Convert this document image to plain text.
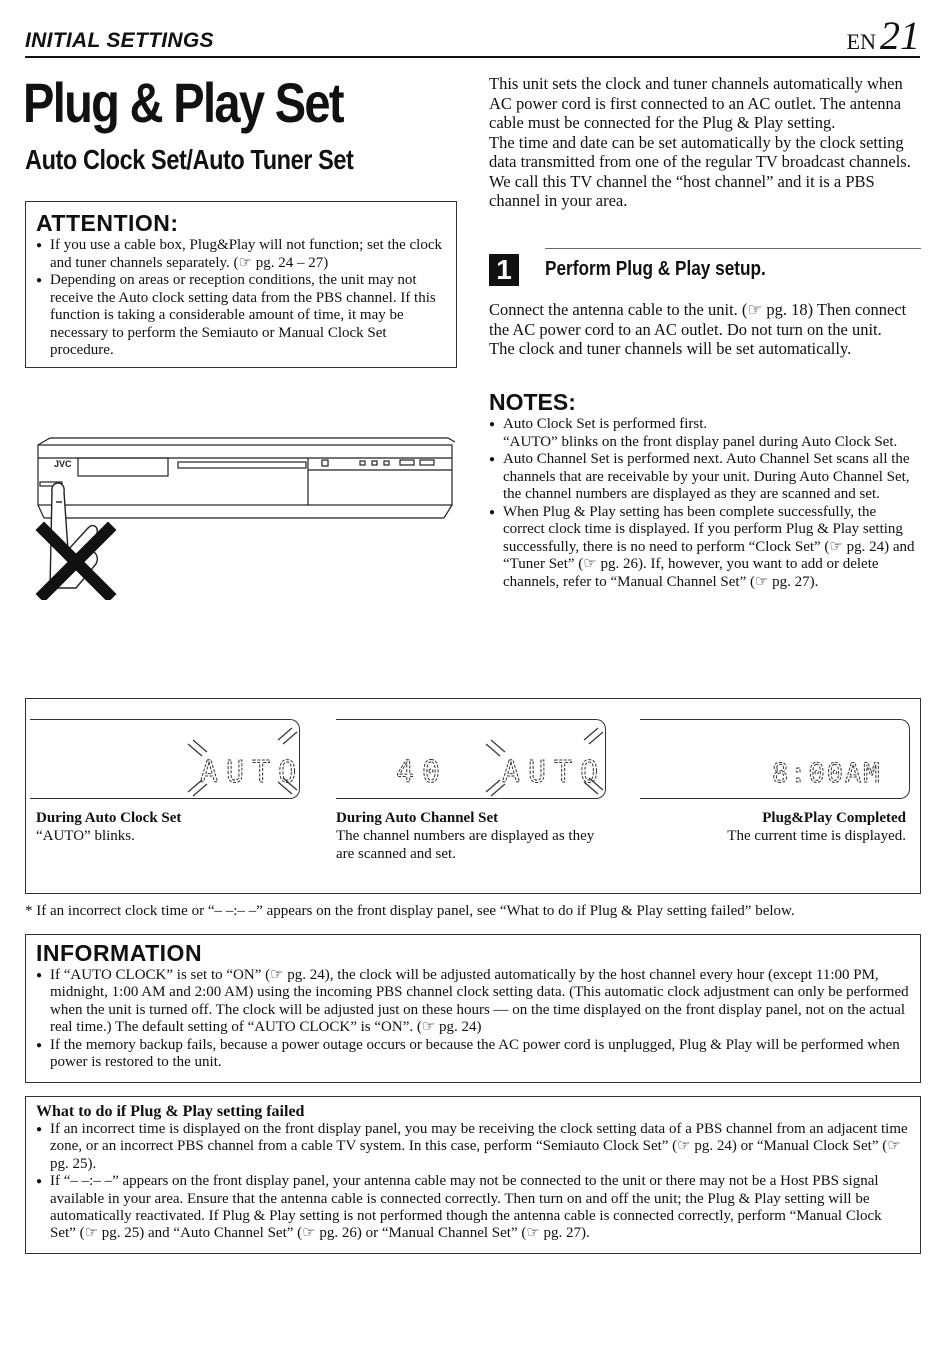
INITIAL SETTINGS	EN 21
Plug & Play Set
Auto Clock Set/Auto Tuner Set
ATTENTION:
● If you use a cable box, Plug&Play will not function; set the clock and tuner channels separately. (☞ pg. 24 – 27)
● Depending on areas or reception conditions, the unit may not receive the Auto clock setting data from the PBS channel. If this function is taking a considerable amount of time, it may be necessary to perform the Semiauto or Manual Clock Set procedure.

This unit sets the clock and tuner channels automatically when AC power cord is first connected to an AC outlet. The antenna cable must be connected for the Plug & Play setting.

The time and date can be set automatically by the clock setting data transmitted from one of the regular TV broadcast channels. We call this TV channel the “host channel” and it is a PBS channel in your area.

1	Perform Plug & Play setup.

Connect the antenna cable to the unit. (☞ pg. 18) Then connect the AC power cord to an AC outlet. Do not turn on the unit.

The clock and tuner channels will be set automatically.

NOTES:
● Auto Clock Set is performed first.
“AUTO” blinks on the front display panel during Auto Clock Set.
● Auto Channel Set is performed next. Auto Channel Set scans all the channels that are receivable by your unit. During Auto Channel Set, the channel numbers are displayed as they are scanned and set.
● When Plug & Play setting has been complete successfully, the correct clock time is displayed. If you perform Plug & Play setting successfully, there is no need to perform “Clock Set” (☞ pg. 24) and “Tuner Set” (☞ pg. 26). If, however, you want to add or delete channels, refer to “Manual Channel Set” (☞ pg. 27).
JVC
AUTO
During Auto Clock Set
“AUTO” blinks.
40 AUTO
During Auto Channel Set
The channel numbers are displayed as they are scanned and set.
8:00AM
Plug&Play Completed
The current time is displayed.
* If an incorrect clock time or “– –:– –” appears on the front display panel, see “What to do if Plug & Play setting failed” below.
INFORMATION
● If “AUTO CLOCK” is set to “ON” (☞ pg. 24), the clock will be adjusted automatically by the host channel every hour (except 11:00 PM, midnight, 1:00 AM and 2:00 AM) using the incoming PBS channel clock setting data. (This automatic clock adjustment can only be performed when the unit is turned off. The clock will be adjusted just on these hours — on the time displayed on the front display panel, not on the actual real time.) The default setting of “AUTO CLOCK” is “ON”. (☞ pg. 24)
● If the memory backup fails, because a power outage occurs or because the AC power cord is unplugged, Plug & Play will be performed when power is restored to the unit.
What to do if Plug & Play setting failed
● If an incorrect time is displayed on the front display panel, you may be receiving the clock setting data of a PBS channel from an adjacent time zone, or an incorrect PBS channel from a cable TV system. In this case, perform “Semiauto Clock Set” (☞ pg. 24) or “Manual Clock Set” (☞ pg. 25).
● If “– –:– –” appears on the front display panel, your antenna cable may not be connected to the unit or there may not be a Host PBS signal available in your area. Ensure that the antenna cable is connected correctly. Then turn on and off the unit; the Plug & Play setting will be automatically reactivated. If Plug & Play setting is not performed though the antenna cable is connected correctly, perform “Manual Clock Set” (☞ pg. 25) and “Auto Channel Set” (☞ pg. 26) or “Manual Channel Set” (☞ pg. 27).
